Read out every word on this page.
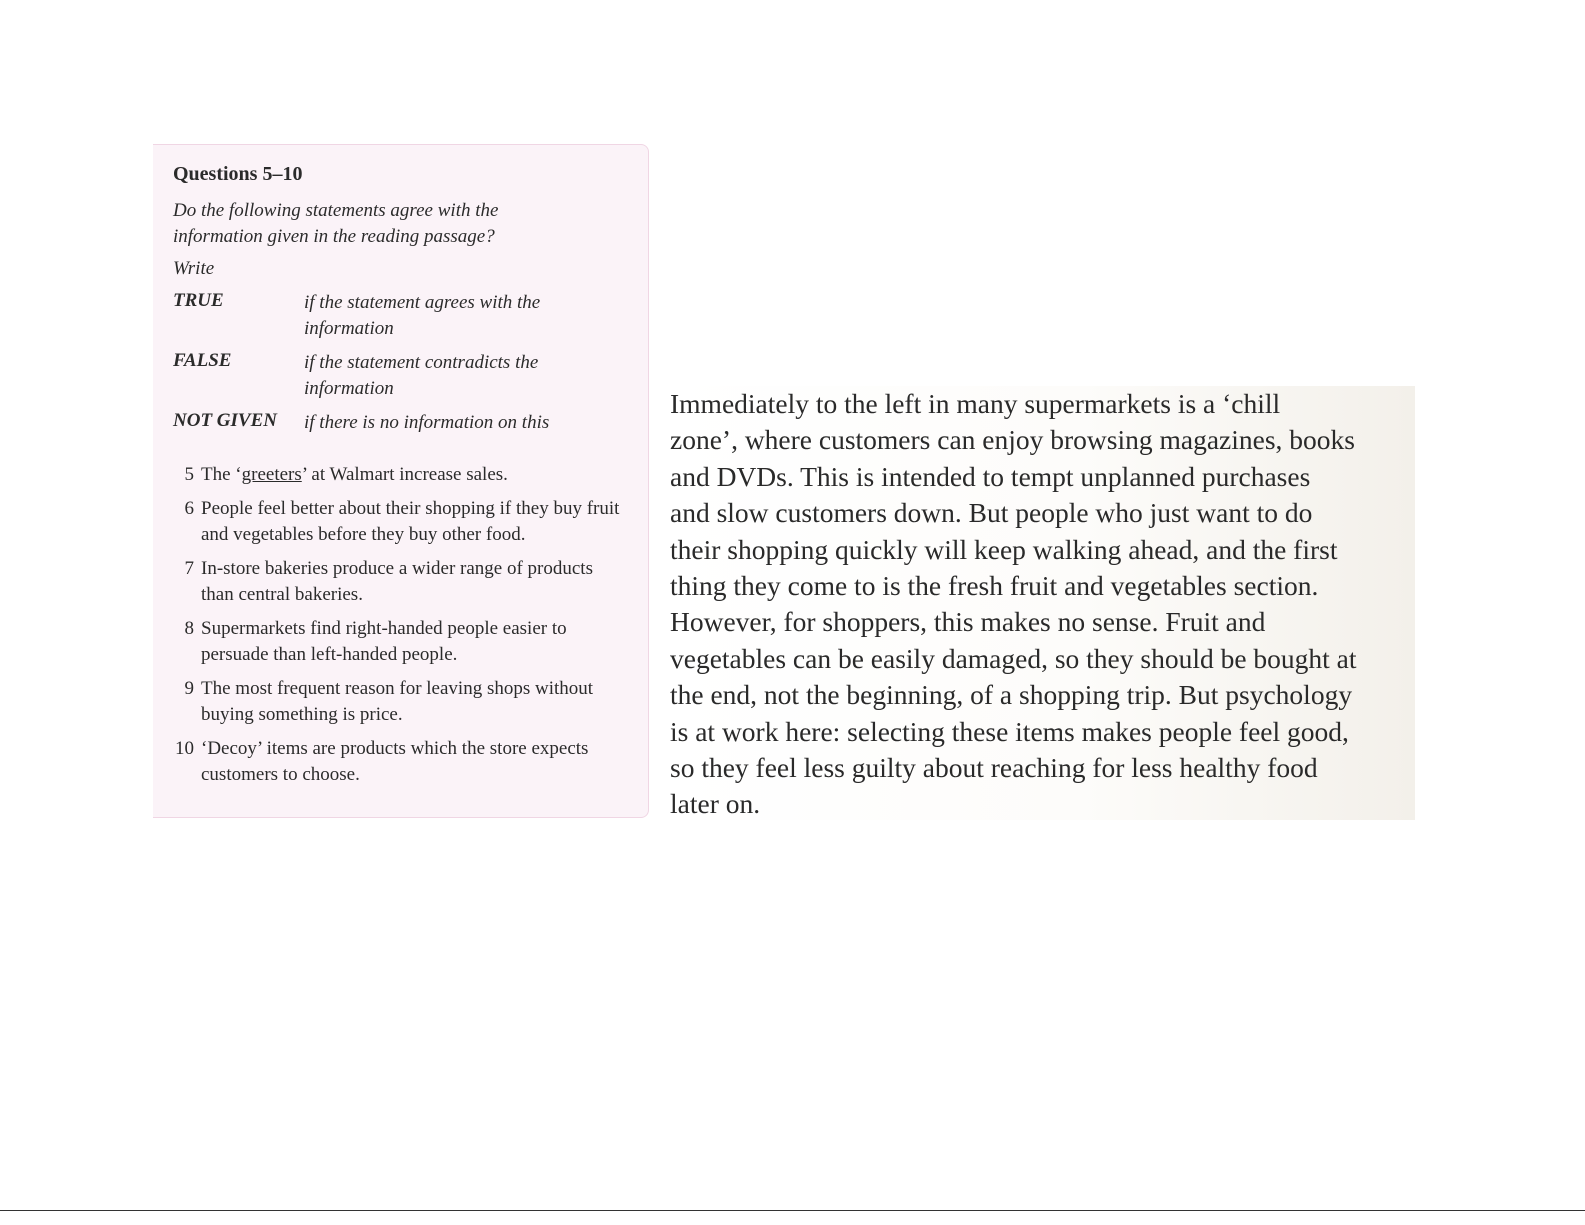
Questions 5–10
Do the following statements agree with the information given in the reading passage?
Write
TRUE	if the statement agrees with the information
FALSE	if the statement contradicts the information
NOT GIVEN	if there is no information on this
5 The ‘greeters’ at Walmart increase sales.
6 People feel better about their shopping if they buy fruit and vegetables before they buy other food.
7 In-store bakeries produce a wider range of products than central bakeries.
8 Supermarkets find right-handed people easier to persuade than left-handed people.
9 The most frequent reason for leaving shops without buying something is price.
10 ‘Decoy’ items are products which the store expects customers to choose.

Immediately to the left in many supermarkets is a ‘chill
zone’, where customers can enjoy browsing magazines, books
and DVDs. This is intended to tempt unplanned purchases
and slow customers down. But people who just want to do
their shopping quickly will keep walking ahead, and the first
thing they come to is the fresh fruit and vegetables section.
However, for shoppers, this makes no sense. Fruit and
vegetables can be easily damaged, so they should be bought at
the end, not the beginning, of a shopping trip. But psychology
is at work here: selecting these items makes people feel good,
so they feel less guilty about reaching for less healthy food
later on.
